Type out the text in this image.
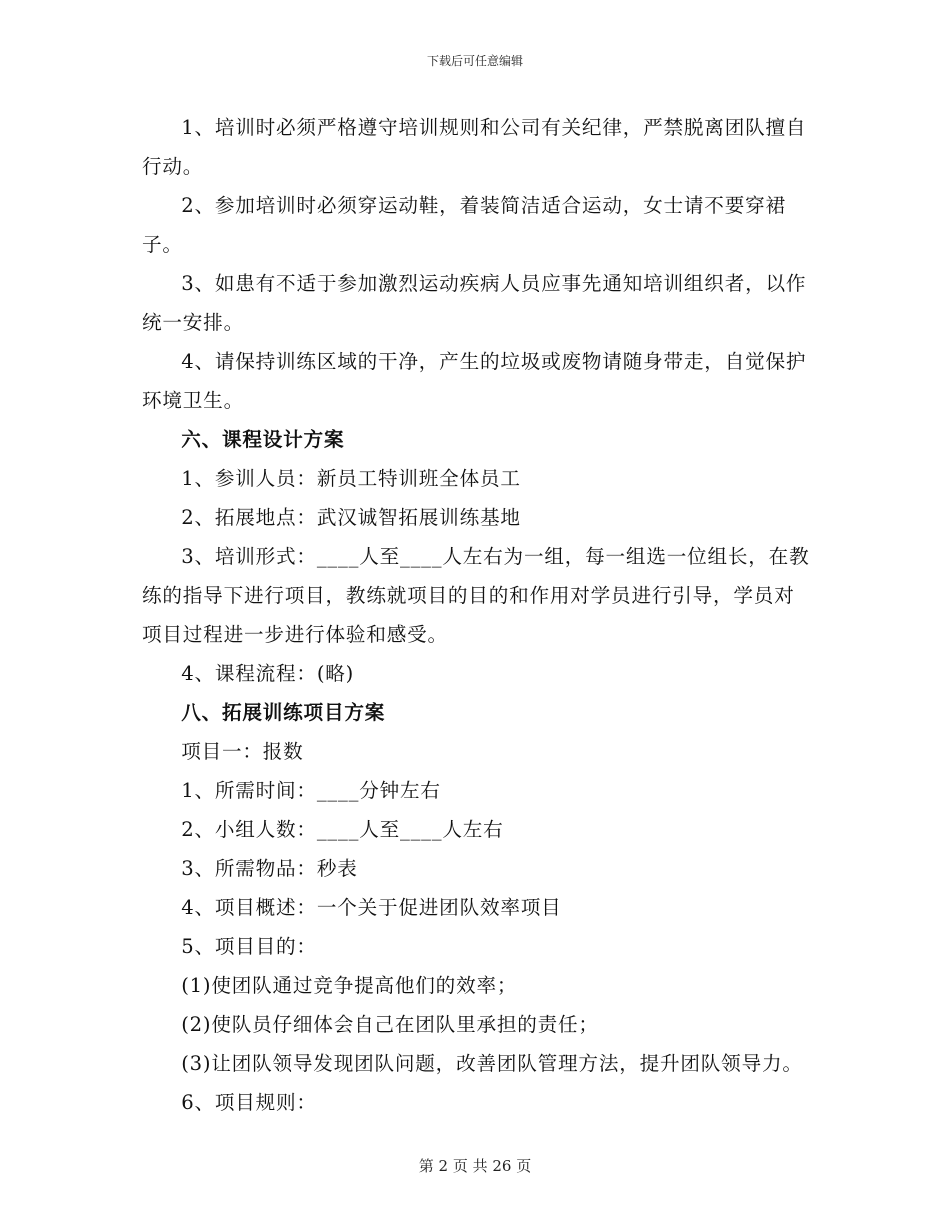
下载后可任意编辑

1、培训时必须严格遵守培训规则和公司有关纪律，严禁脱离团队擅自行动。

2、参加培训时必须穿运动鞋，着装简洁适合运动，女士请不要穿裙子。

3、如患有不适于参加激烈运动疾病人员应事先通知培训组织者，以作统一安排。

4、请保持训练区域的干净，产生的垃圾或废物请随身带走，自觉保护环境卫生。

六、课程设计方案

1、参训人员：新员工特训班全体员工

2、拓展地点：武汉诚智拓展训练基地

3、培训形式：____人至____人左右为一组，每一组选一位组长，在教练的指导下进行项目，教练就项目的目的和作用对学员进行引导，学员对项目过程进一步进行体验和感受。

4、课程流程：(略)

八、拓展训练项目方案

项目一：报数

1、所需时间：____分钟左右

2、小组人数：____人至____人左右

3、所需物品：秒表

4、项目概述：一个关于促进团队效率项目

5、项目目的：

(1)使团队通过竞争提高他们的效率；

(2)使队员仔细体会自己在团队里承担的责任；

(3)让团队领导发现团队问题，改善团队管理方法，提升团队领导力。

6、项目规则：

第 2 页 共 26 页
